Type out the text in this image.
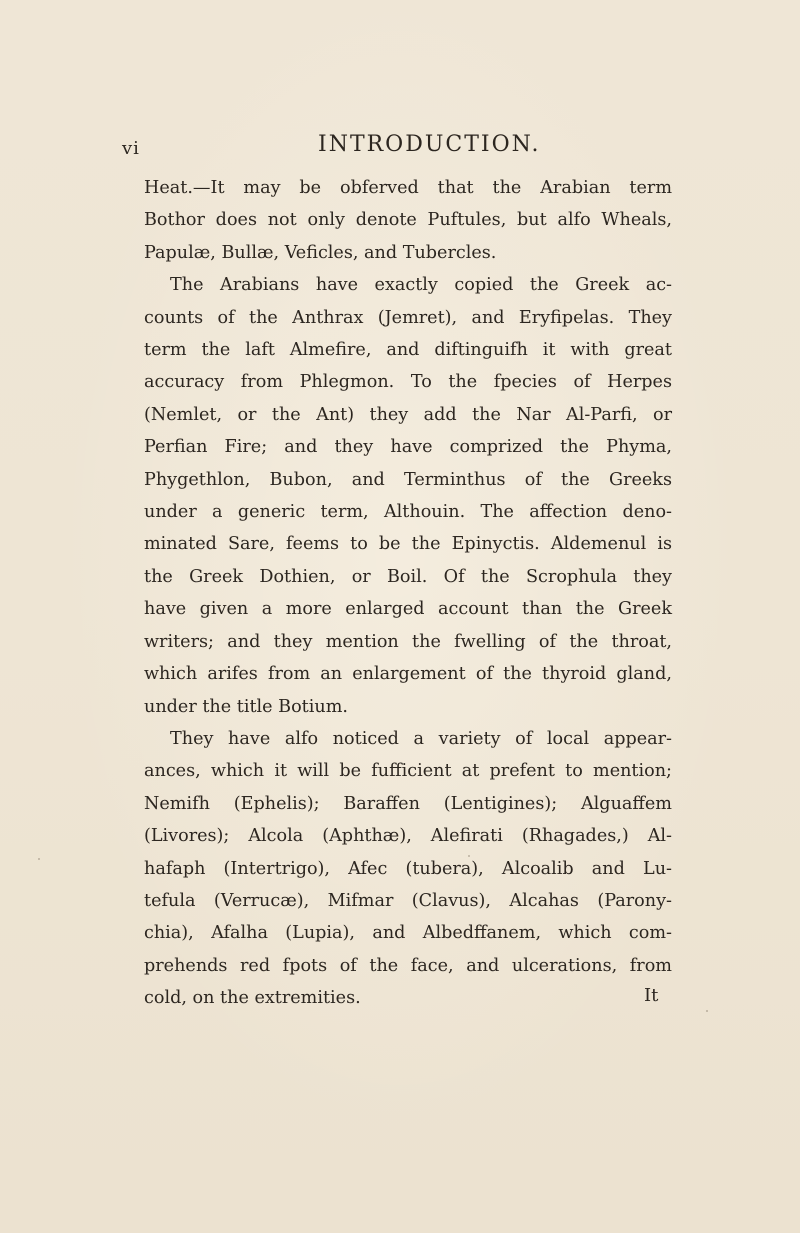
vi	INTRODUCTION.

Heat.—It may be obferved that the Arabian term
Bothor does not only denote Puftules, but alfo Wheals,
Papulæ, Bullæ, Veficles, and Tubercles.

The Arabians have exactly copied the Greek ac-
counts of the Anthrax (Jemret), and Eryfipelas. They
term the laft Almefire, and diftinguifh it with great
accuracy from Phlegmon. To the fpecies of Herpes
(Nemlet, or the Ant) they add the Nar Al-Parfi, or
Perfian Fire; and they have comprized the Phyma,
Phygethlon, Bubon, and Terminthus of the Greeks
under a generic term, Althouin. The affection deno-
minated Sare, feems to be the Epinyctis. Aldemenul is
the Greek Dothien, or Boil. Of the Scrophula they
have given a more enlarged account than the Greek
writers; and they mention the fwelling of the throat,
which arifes from an enlargement of the thyroid gland,
under the title Botium.

They have alfo noticed a variety of local appear-
ances, which it will be fufficient at prefent to mention;
Nemifh (Ephelis); Baraffen (Lentigines); Alguaffem
(Livores); Alcola (Aphthæ), Alefirati (Rhagades,) Al-
hafaph (Intertrigo), Afec (tubera), Alcoalib and Lu-
tefula (Verrucæ), Mifmar (Clavus), Alcahas (Parony-
chia), Afalha (Lupia), and Albedffanem, which com-
prehends red fpots of the face, and ulcerations, from
cold, on the extremities.	It
